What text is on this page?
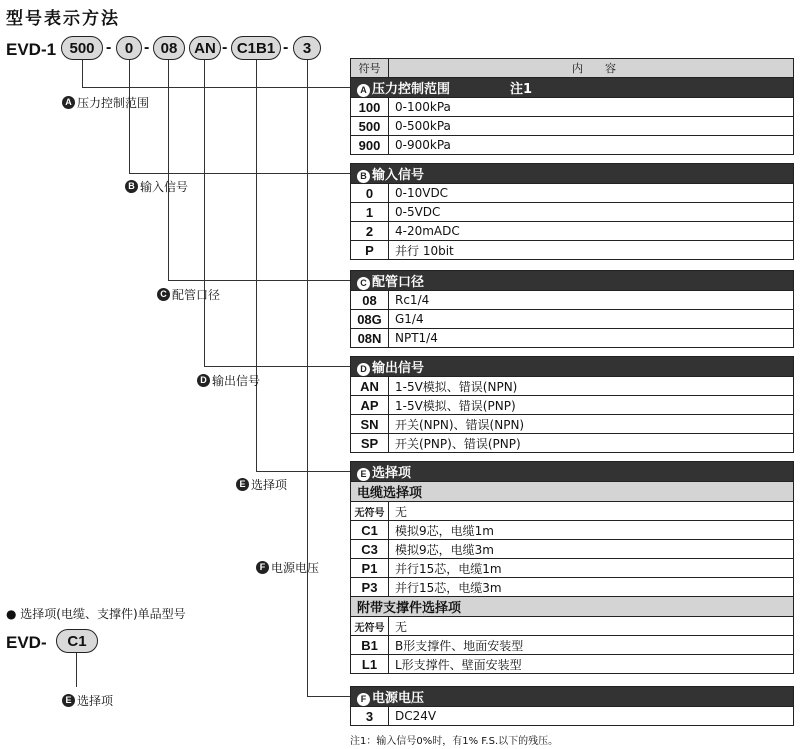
型号表示方法
EVD-1 500 - 0 - 08	AN - C1B1 - 3
A 压力控制范围
B 输入信号
C 配管口径
D 输出信号
E 选择项
F 电源电压
符号	内　　容
A 压力控制范围 注1	
100	0-100kPa
500	0-500kPa
900	0-900kPa
B 输入信号	
0	0-10VDC
1	0-5VDC
2	4-20mADC
P	并行 10bit
C 配管口径	
08	Rc1/4
08G	G1/4
08N	NPT1/4
D 输出信号	
AN	1-5V模拟、错误(NPN)
AP	1-5V模拟、错误(PNP)
SN	开关(NPN)、错误(NPN)
SP	开关(PNP)、错误(PNP)
E 选择项	
电缆选择项	
无符号	无
C1	模拟9芯，电缆1m
C3	模拟9芯，电缆3m
P1	并行15芯，电缆1m
P3	并行15芯，电缆3m
附带支撑件选择项	
无符号	无
B1	B形支撑件、地面安装型
L1	L形支撑件、壁面安装型
F 电源电压
3	DC24V
注1：输入信号0%时，有1% F.S.以下的残压。
● 选择项(电缆、支撑件)单品型号
EVD-	C1
E 选择项
